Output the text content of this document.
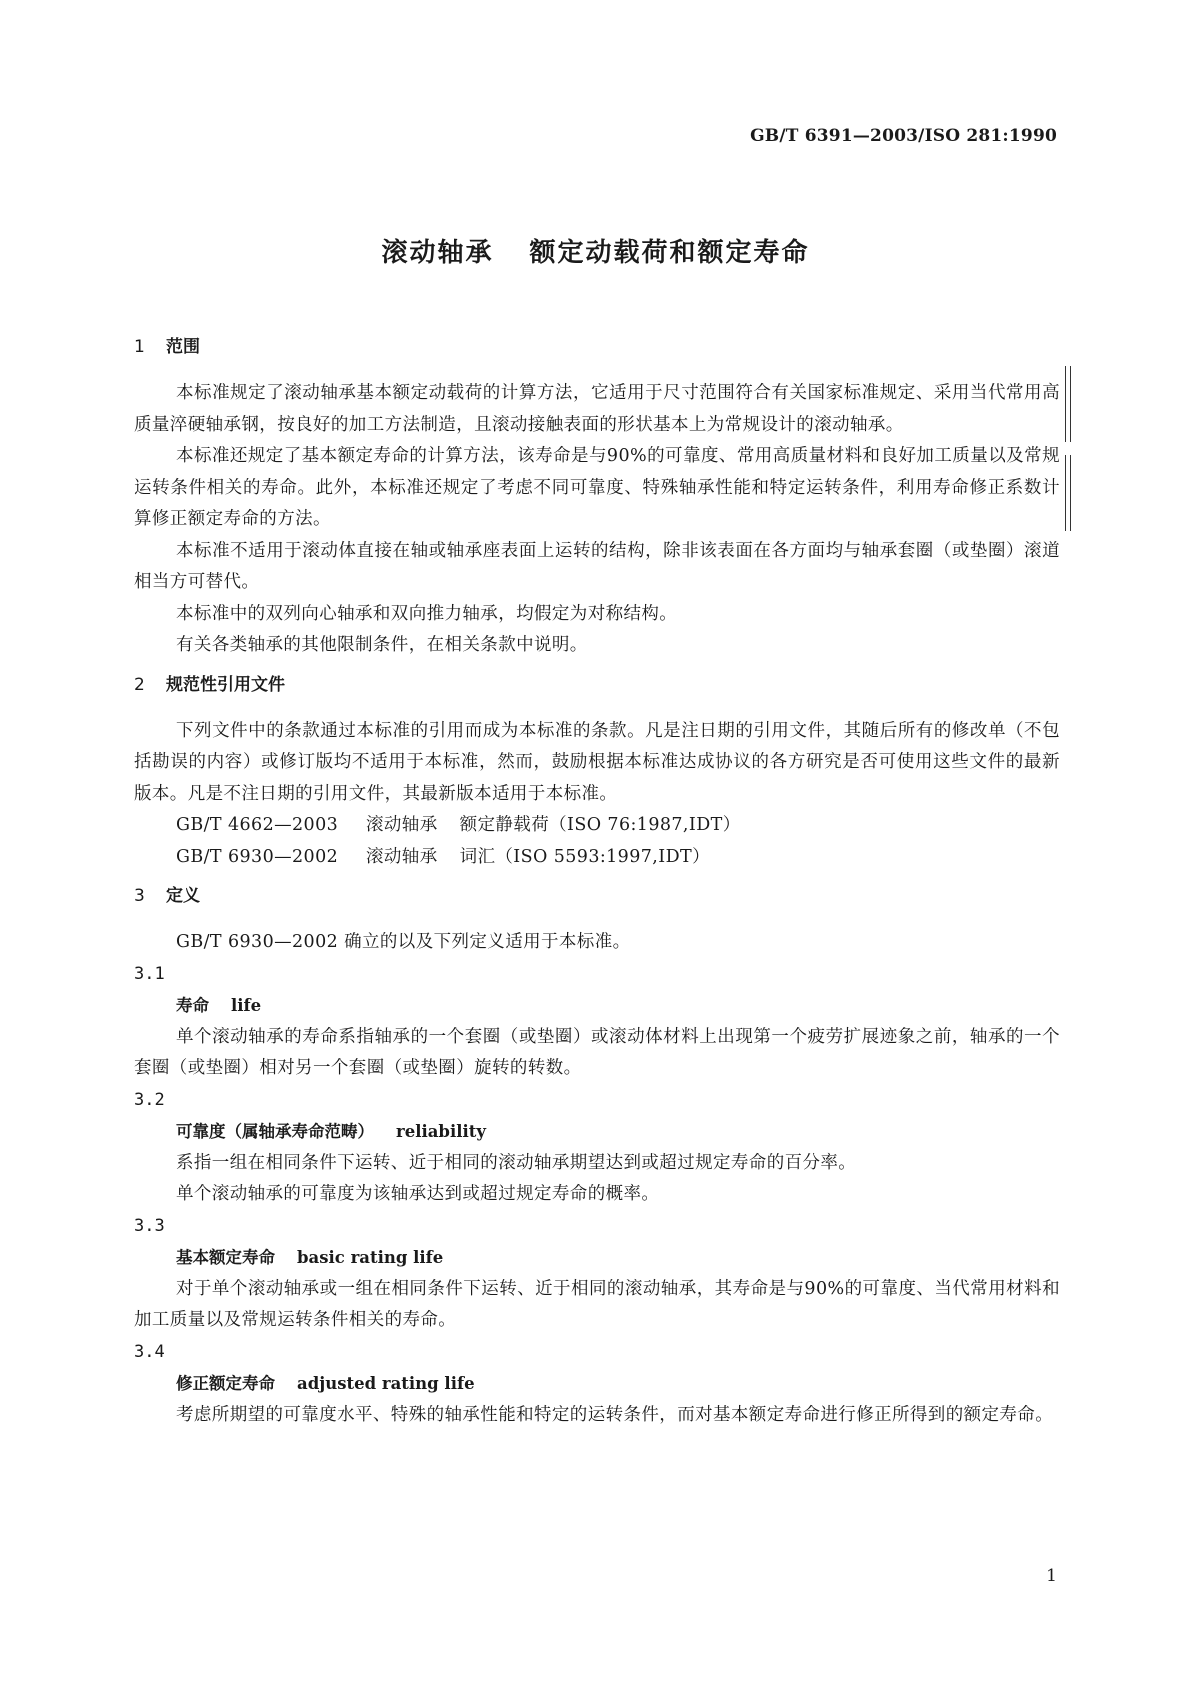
GB/T 6391—2003/ISO 281:1990
滚动轴承 额定动载荷和额定寿命
1 范围

本标准规定了滚动轴承基本额定动载荷的计算方法，它适用于尺寸范围符合有关国家标准规定、采用当代常用高质量淬硬轴承钢，按良好的加工方法制造，且滚动接触表面的形状基本上为常规设计的滚动轴承。

本标准还规定了基本额定寿命的计算方法，该寿命是与90%的可靠度、常用高质量材料和良好加工质量以及常规运转条件相关的寿命。此外，本标准还规定了考虑不同可靠度、特殊轴承性能和特定运转条件，利用寿命修正系数计算修正额定寿命的方法。

本标准不适用于滚动体直接在轴或轴承座表面上运转的结构，除非该表面在各方面均与轴承套圈（或垫圈）滚道相当方可替代。

本标准中的双列向心轴承和双向推力轴承，均假定为对称结构。

有关各类轴承的其他限制条件，在相关条款中说明。

2 规范性引用文件

下列文件中的条款通过本标准的引用而成为本标准的条款。凡是注日期的引用文件，其随后所有的修改单（不包括勘误的内容）或修订版均不适用于本标准，然而，鼓励根据本标准达成协议的各方研究是否可使用这些文件的最新版本。凡是不注日期的引用文件，其最新版本适用于本标准。

GB/T 4662—2003 滚动轴承 额定静载荷（ISO 76:1987,IDT）

GB/T 6930—2002 滚动轴承 词汇（ISO 5593:1997,IDT）

3 定义

GB/T 6930—2002 确立的以及下列定义适用于本标准。

3.1

寿命 life

单个滚动轴承的寿命系指轴承的一个套圈（或垫圈）或滚动体材料上出现第一个疲劳扩展迹象之前，轴承的一个套圈（或垫圈）相对另一个套圈（或垫圈）旋转的转数。

3.2

可靠度（属轴承寿命范畴） reliability

系指一组在相同条件下运转、近于相同的滚动轴承期望达到或超过规定寿命的百分率。

单个滚动轴承的可靠度为该轴承达到或超过规定寿命的概率。

3.3

基本额定寿命 basic rating life

对于单个滚动轴承或一组在相同条件下运转、近于相同的滚动轴承，其寿命是与90%的可靠度、当代常用材料和加工质量以及常规运转条件相关的寿命。

3.4

修正额定寿命 adjusted rating life

考虑所期望的可靠度水平、特殊的轴承性能和特定的运转条件，而对基本额定寿命进行修正所得到的额定寿命。

1
